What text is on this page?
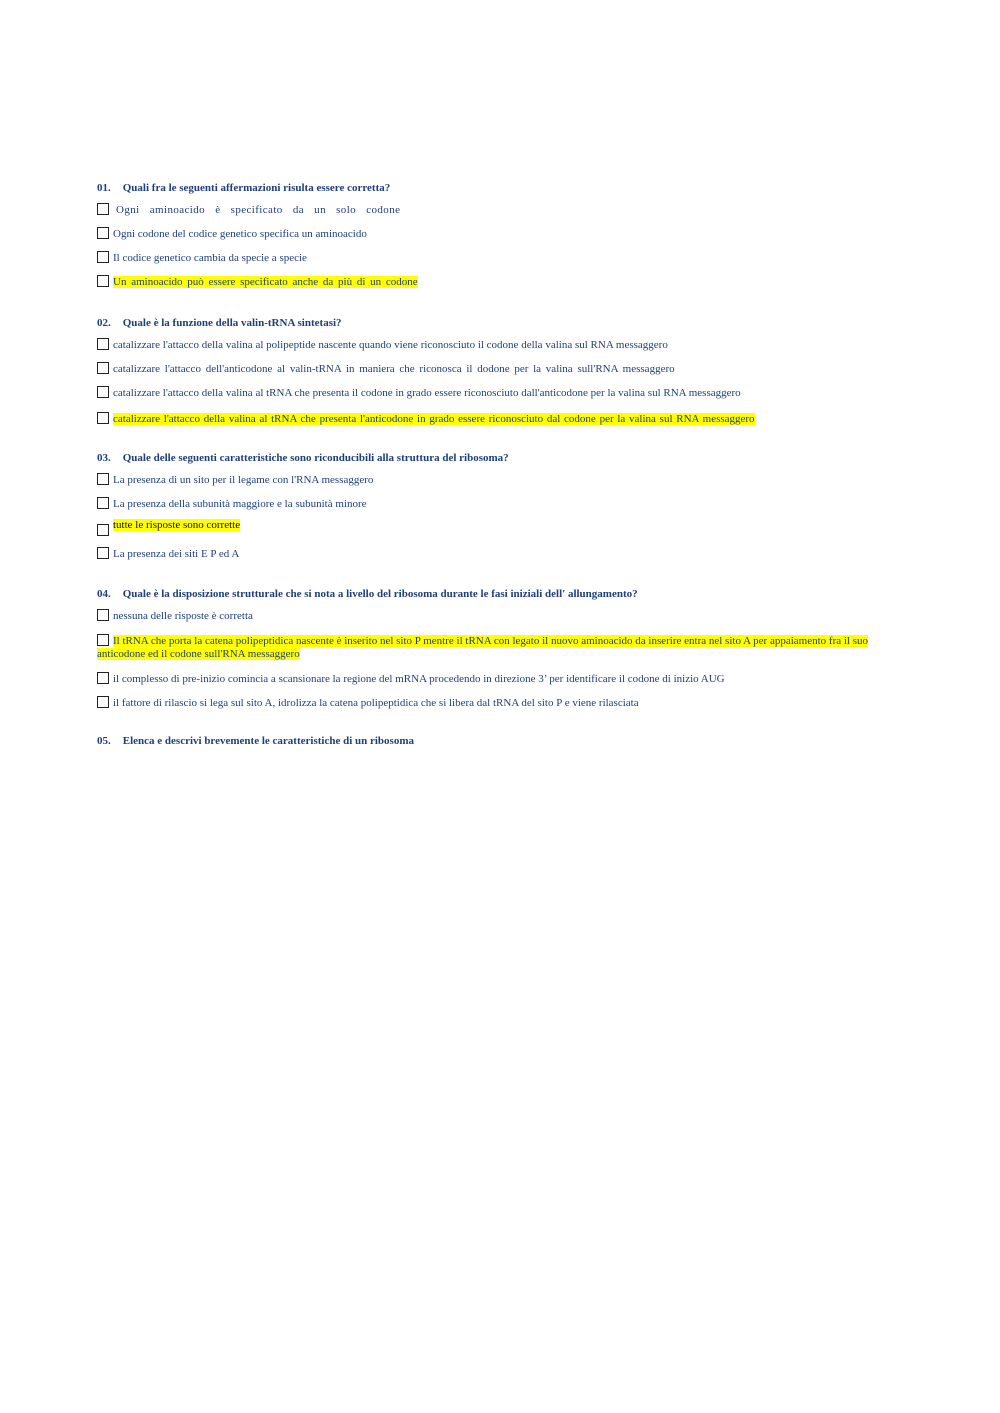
01. Quali fra le seguenti affermazioni risulta essere corretta?
Ogni aminoacido è specificato da un solo codone
Ogni codone del codice genetico specifica un aminoacido
Il codice genetico cambia da specie a specie
Un aminoacido può essere specificato anche da più di un codone
02. Quale è la funzione della valin-tRNA sintetasi?
catalizzare l'attacco della valina al polipeptide nascente quando viene riconosciuto il codone della valina sul RNA messaggero
catalizzare l'attacco dell'anticodone al valin-tRNA in maniera che riconosca il dodone per la valina sull'RNA messaggero
catalizzare l'attacco della valina al tRNA che presenta il codone in grado essere riconosciuto dall'anticodone per la valina sul RNA messaggero
catalizzare l'attacco della valina al tRNA che presenta l'anticodone in grado essere riconosciuto dal codone per la valina sul RNA messaggero
03. Quale delle seguenti caratteristiche sono riconducibili alla struttura del ribosoma?
La presenza di un sito per il legame con l'RNA messaggero
La presenza della subunità maggiore e la subunità minore
tutte le risposte sono corrette
La presenza dei siti E P ed A
04. Quale è la disposizione strutturale che si nota a livello del ribosoma durante le fasi iniziali dell' allungamento?
nessuna delle risposte è corretta
Il tRNA che porta la catena polipeptidica nascente è inserito nel sito P mentre il tRNA con legato il nuovo aminoacido da inserire entra nel sito A per appaiamento fra il suo anticodone ed il codone sull'RNA messaggero
il complesso di pre-inizio comincia a scansionare la regione del mRNA procedendo in direzione 3’ per identificare il codone di inizio AUG
il fattore di rilascio si lega sul sito A, idrolizza la catena polipeptidica che si libera dal tRNA del sito P e viene rilasciata
05. Elenca e descrivi brevemente le caratteristiche di un ribosoma
